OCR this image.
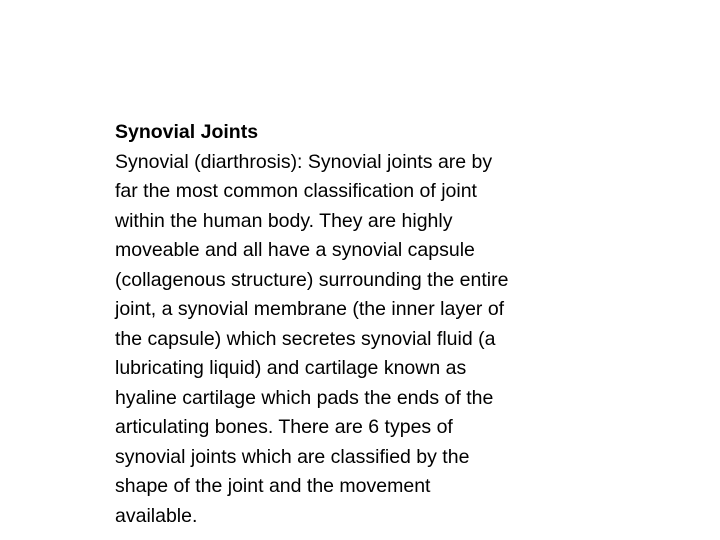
Synovial Joints
Synovial (diarthrosis): Synovial joints are by
far the most common classification of joint
within the human body. They are highly
moveable and all have a synovial capsule
(collagenous structure) surrounding the entire
joint, a synovial membrane (the inner layer of
the capsule) which secretes synovial fluid (a
lubricating liquid) and cartilage known as
hyaline cartilage which pads the ends of the
articulating bones. There are 6 types of
synovial joints which are classified by the
shape of the joint and the movement
available.
